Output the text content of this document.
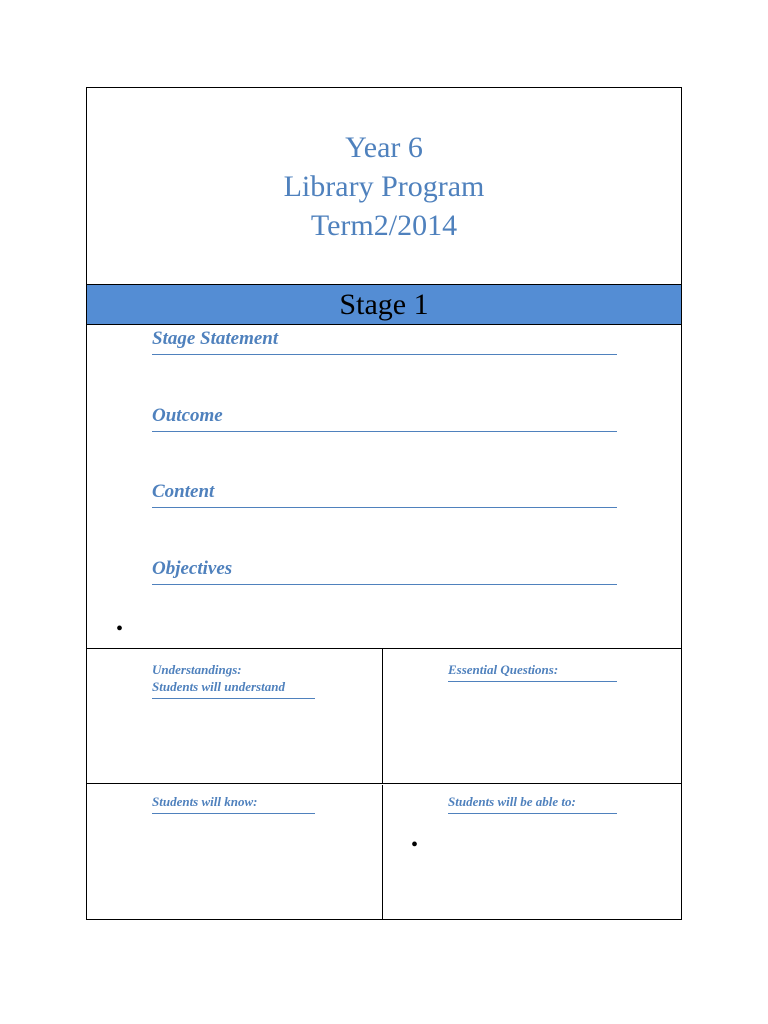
Year 6
Library Program
Term2/2014
Stage 1
Stage Statement
Outcome
Content
Objectives
•
Understandings:
Students will understand
Essential Questions:
Students will know:	Students will be able to:
•
